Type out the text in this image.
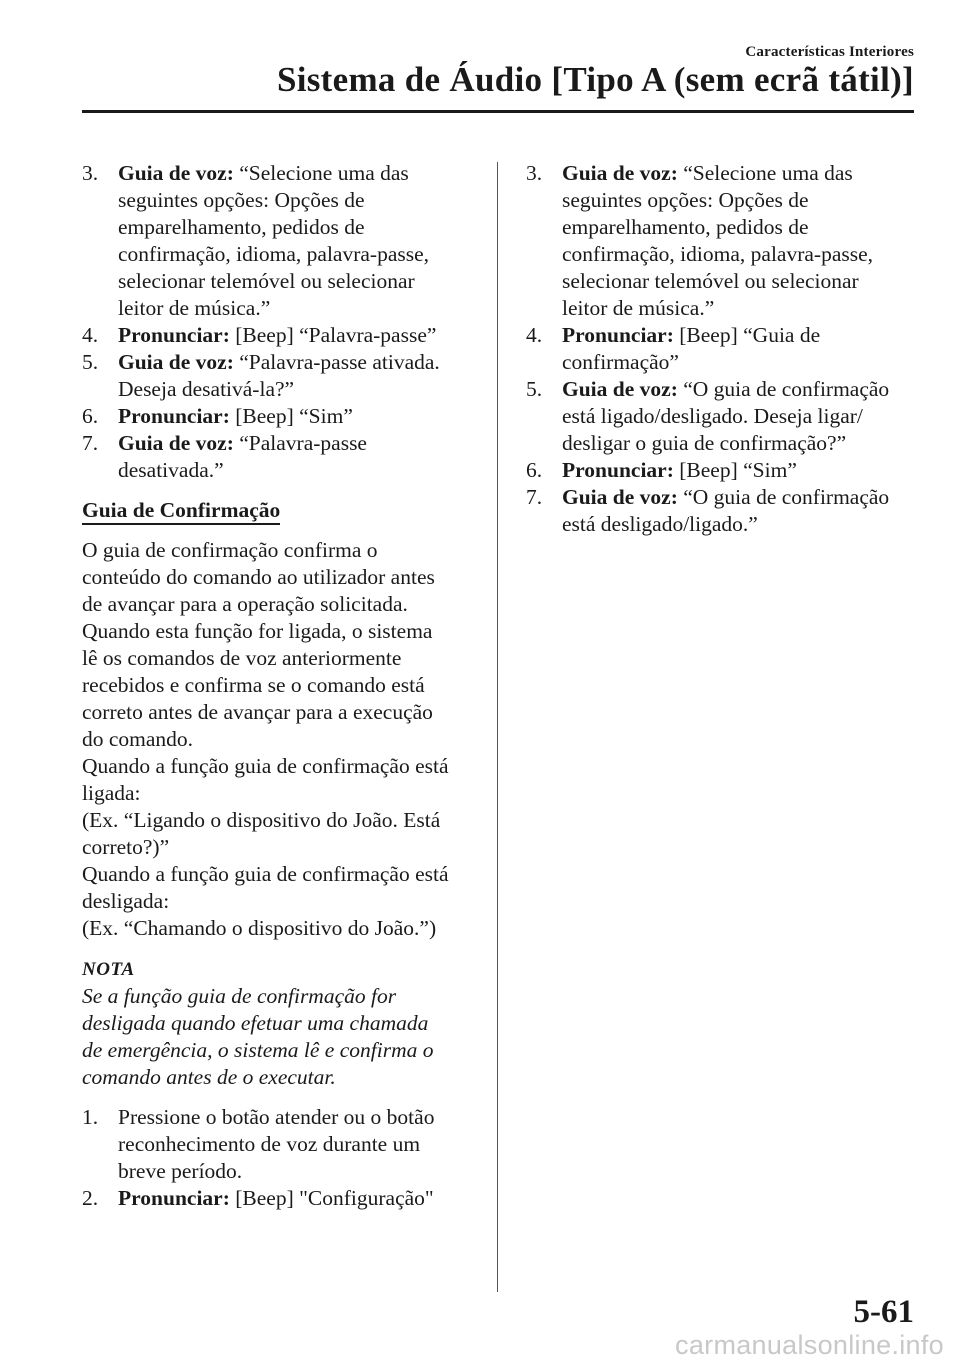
Características Interiores
Sistema de Áudio [Tipo A (sem ecrã tátil)]
3. Guia de voz: “Selecione uma das
seguintes opções: Opções de
emparelhamento, pedidos de
confirmação, idioma, palavra-passe,
selecionar telemóvel ou selecionar
leitor de música.”
4. Pronunciar: [Beep] “Palavra-passe”
5. Guia de voz: “Palavra-passe ativada.
Deseja desativá-la?”
6. Pronunciar: [Beep] “Sim”
7. Guia de voz: “Palavra-passe
desativada.”
Guia de Confirmação
O guia de confirmação confirma o
conteúdo do comando ao utilizador antes
de avançar para a operação solicitada.
Quando esta função for ligada, o sistema
lê os comandos de voz anteriormente
recebidos e confirma se o comando está
correto antes de avançar para a execução
do comando.
Quando a função guia de confirmação está
ligada:
(Ex. “Ligando o dispositivo do João. Está
correto?)”
Quando a função guia de confirmação está
desligada:
(Ex. “Chamando o dispositivo do João.”)
NOTA
Se a função guia de confirmação for
desligada quando efetuar uma chamada
de emergência, o sistema lê e confirma o
comando antes de o executar.
1. Pressione o botão atender ou o botão
reconhecimento de voz durante um
breve período.
2. Pronunciar: [Beep] "Configuração"
3. Guia de voz: “Selecione uma das
seguintes opções: Opções de
emparelhamento, pedidos de
confirmação, idioma, palavra-passe,
selecionar telemóvel ou selecionar
leitor de música.”
4. Pronunciar: [Beep] “Guia de
confirmação”
5. Guia de voz: “O guia de confirmação
está ligado/desligado. Deseja ligar/
desligar o guia de confirmação?”
6. Pronunciar: [Beep] “Sim”
7. Guia de voz: “O guia de confirmação
está desligado/ligado.”
5-61
carmanualsonline.info
